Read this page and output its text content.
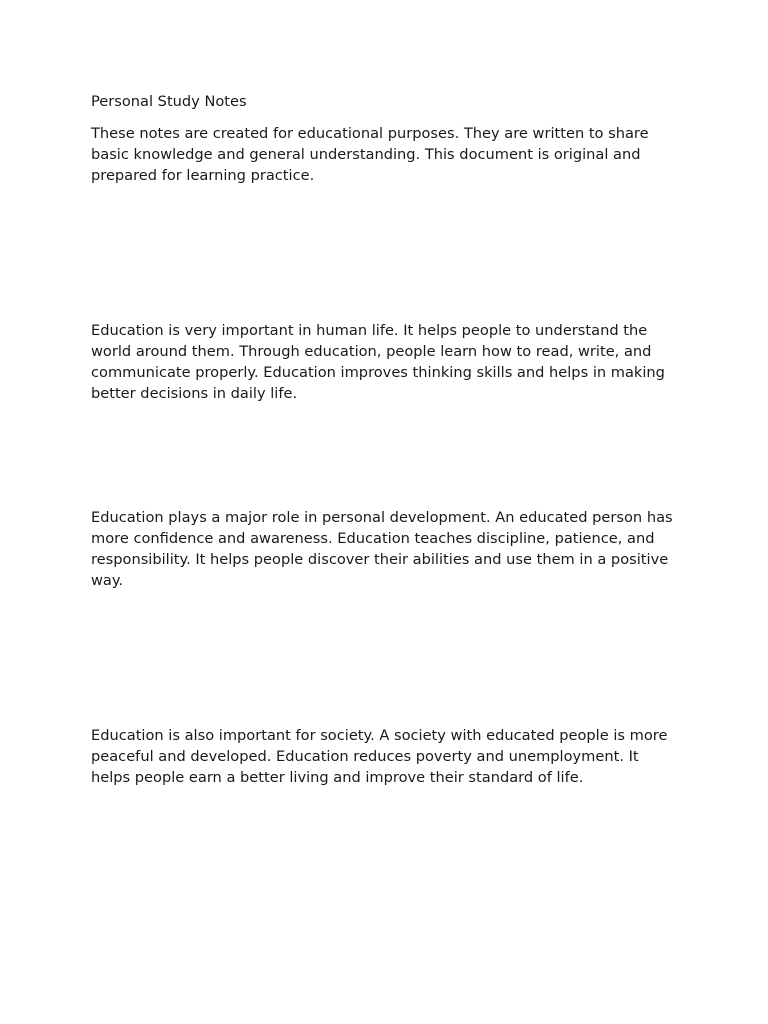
Personal Study Notes

These notes are created for educational purposes. They are written to share basic knowledge and general understanding. This document is original and prepared for learning practice.

Education is very important in human life. It helps people to understand the world around them. Through education, people learn how to read, write, and communicate properly. Education improves thinking skills and helps in making better decisions in daily life.

Education plays a major role in personal development. An educated person has more confidence and awareness. Education teaches discipline, patience, and responsibility. It helps people discover their abilities and use them in a positive way.

Education is also important for society. A society with educated people is more peaceful and developed. Education reduces poverty and unemployment. It helps people earn a better living and improve their standard of life.
